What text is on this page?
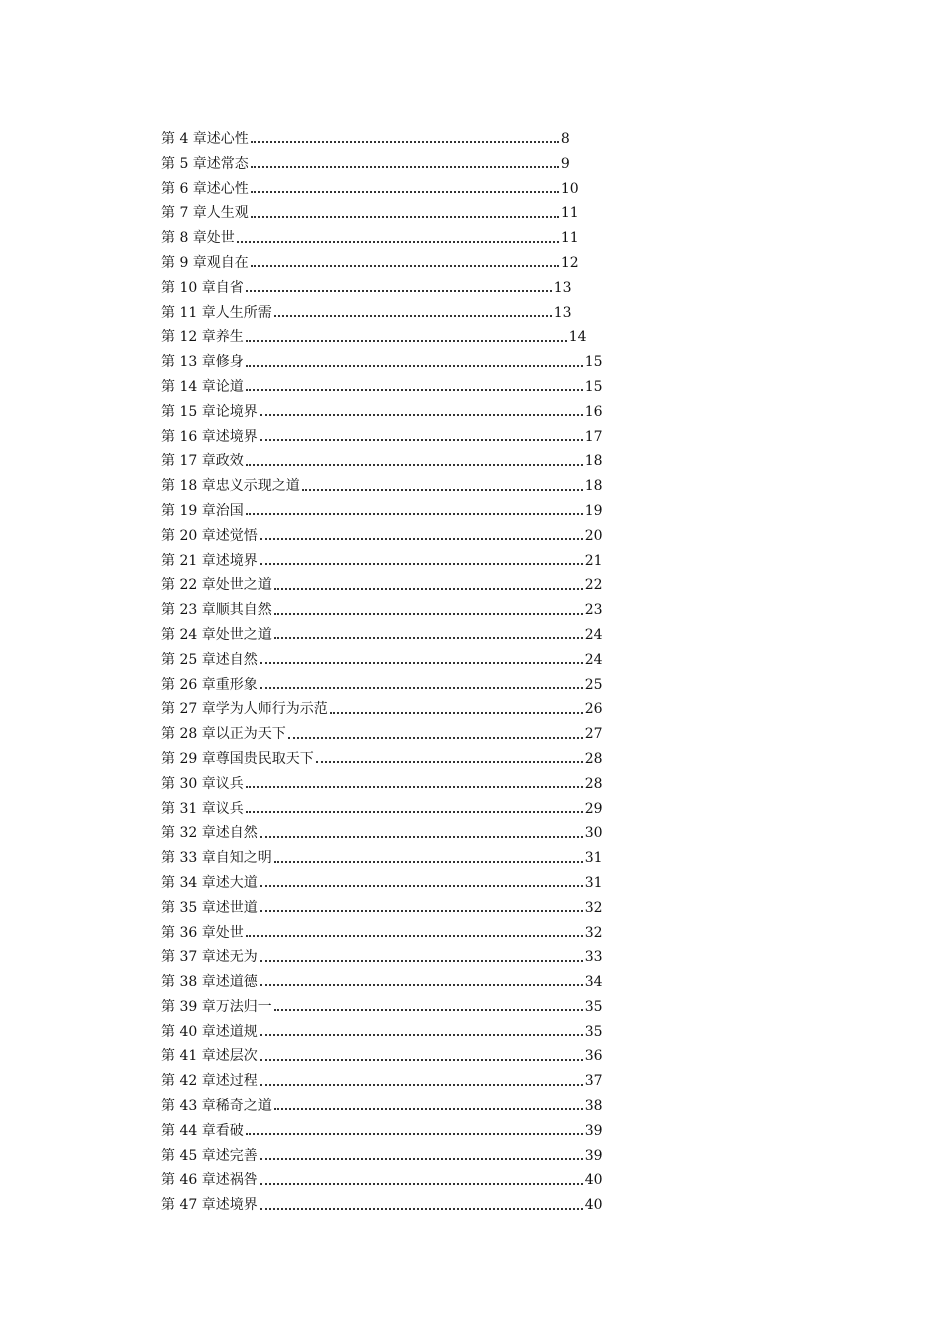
第 4 章述心性	8
第 5 章述常态	9
第 6 章述心性	10
第 7 章人生观	11
第 8 章处世	11
第 9 章观自在	12
第 10 章自省	13
第 11 章人生所需	13
第 12 章养生	14
第 13 章修身	15
第 14 章论道	15
第 15 章论境界	16
第 16 章述境界	17
第 17 章政效	18
第 18 章忠义示现之道	18
第 19 章治国	19
第 20 章述觉悟	20
第 21 章述境界	21
第 22 章处世之道	22
第 23 章顺其自然	23
第 24 章处世之道	24
第 25 章述自然	24
第 26 章重形象	25
第 27 章学为人师行为示范	26
第 28 章以正为天下	27
第 29 章尊国贵民取天下	28
第 30 章议兵	28
第 31 章议兵	29
第 32 章述自然	30
第 33 章自知之明	31
第 34 章述大道	31
第 35 章述世道	32
第 36 章处世	32
第 37 章述无为	33
第 38 章述道德	34
第 39 章万法归一	35
第 40 章述道规	35
第 41 章述层次	36
第 42 章述过程	37
第 43 章稀奇之道	38
第 44 章看破	39
第 45 章述完善	39
第 46 章述祸咎	40
第 47 章述境界	40
